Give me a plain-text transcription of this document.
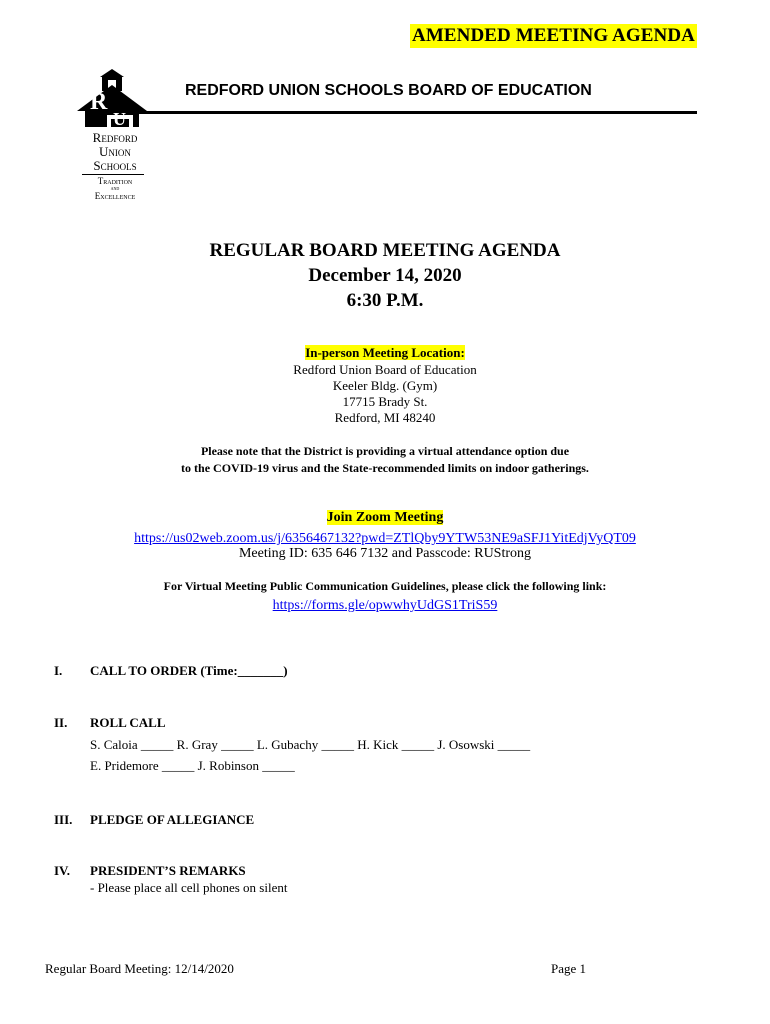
AMENDED MEETING AGENDA
REDFORD UNION SCHOOLS BOARD OF EDUCATION
R
U
Redford
Union
Schools
Tradition
and
Excellence
REGULAR BOARD MEETING AGENDA
December 14, 2020
6:30 P.M.
In-person Meeting Location:
Redford Union Board of Education
Keeler Bldg. (Gym)
17715 Brady St.
Redford, MI 48240
Please note that the District is providing a virtual attendance option due
to the COVID-19 virus and the State-recommended limits on indoor gatherings.
Join Zoom Meeting
https://us02web.zoom.us/j/6356467132?pwd=ZTlQby9YTW53NE9aSFJ1YitEdjVyQT09
Meeting ID: 635 646 7132 and Passcode: RUStrong
For Virtual Meeting Public Communication Guidelines, please click the following link:
https://forms.gle/opwwhyUdGS1TriS59
I. CALL TO ORDER (Time:_______)
II. ROLL CALL
S. Caloia _____ R. Gray _____ L. Gubachy _____ H. Kick _____ J. Osowski _____
E. Pridemore _____ J. Robinson _____
III. PLEDGE OF ALLEGIANCE
IV. PRESIDENT’S REMARKS
- Please place all cell phones on silent
Regular Board Meeting: 12/14/2020	Page 1
